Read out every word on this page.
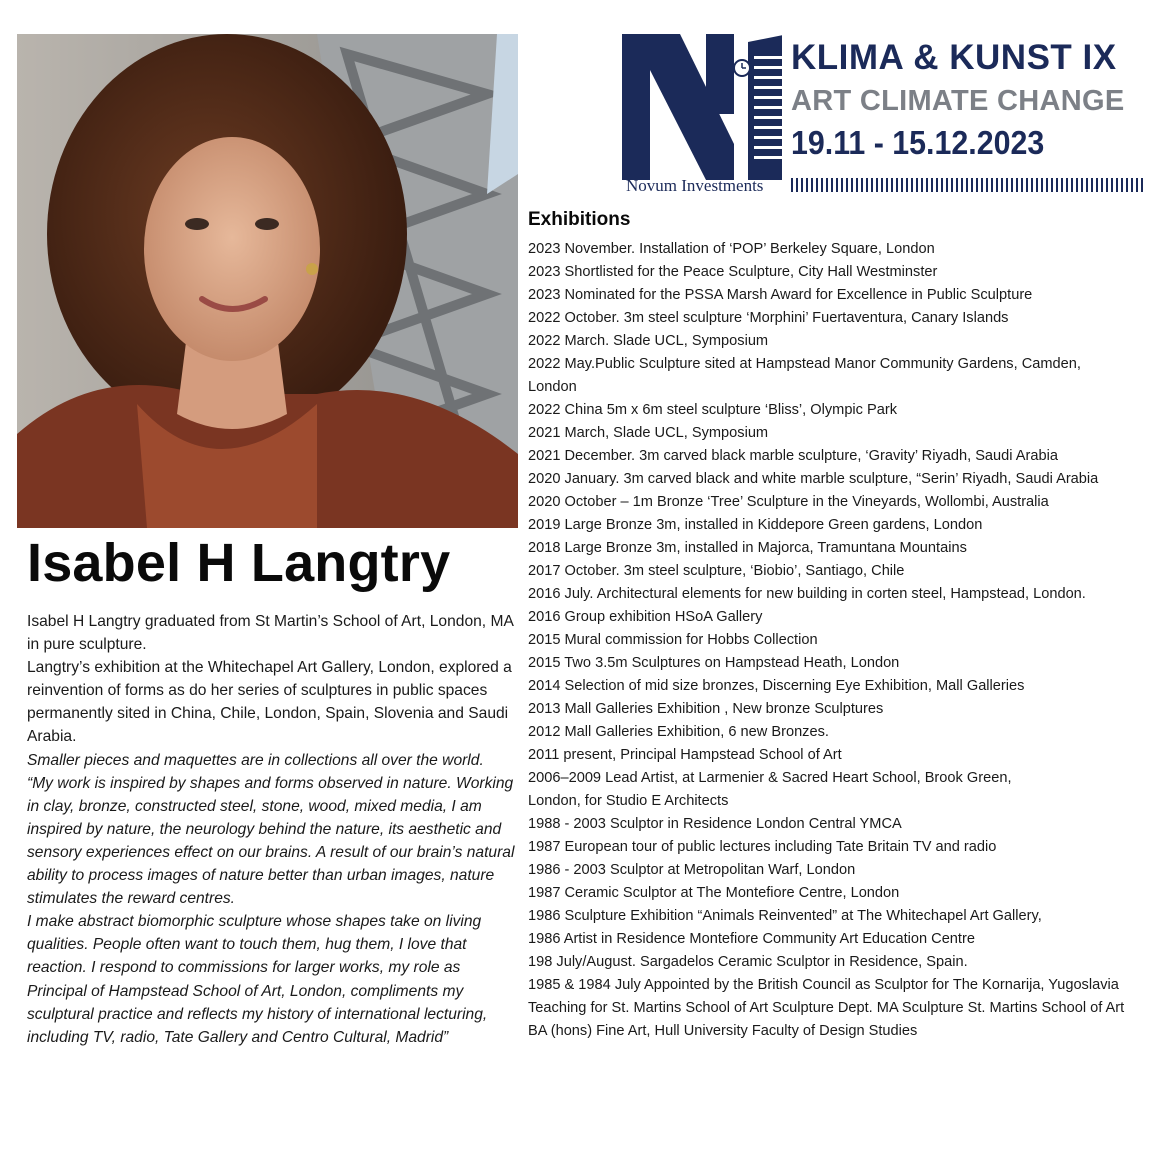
KLIMA & KUNST IX
ART CLIMATE CHANGE
19.11 - 15.12.2023
Novum Investments
Isabel H Langtry

Isabel H Langtry graduated from St Martin’s School of Art, London, MA in pure sculpture.

Langtry’s exhibition at the Whitechapel Art Gallery, London, explored a reinvention of forms as do her series of sculptures in public spaces permanently sited in China, Chile, London, Spain, Slovenia and Saudi Arabia.

Smaller pieces and maquettes are in collections all over the world.

“My work is inspired by shapes and forms observed in nature. Working in clay, bronze, constructed steel, stone, wood, mixed media, I am inspired by nature, the neurology behind the nature, its aesthetic and sensory experiences effect on our brains. A result of our brain’s natural ability to process images of nature better than urban images, nature stimulates the reward centres.

I make abstract biomorphic sculpture whose shapes take on living qualities. People often want to touch them, hug them, I love that reaction. I respond to commissions for larger works, my role as Principal of Hampstead School of Art, London, compliments my sculptural practice and reflects my history of international lecturing, including TV, radio, Tate Gallery and Centro Cultural, Madrid”

Exhibitions
2023 November. Installation of ‘POP’ Berkeley Square, London
2023 Shortlisted for the Peace Sculpture, City Hall Westminster
2023 Nominated for the PSSA Marsh Award for Excellence in Public Sculpture
2022 October. 3m steel sculpture ‘Morphini’ Fuertaventura, Canary Islands
2022 March. Slade UCL, Symposium
2022 May.Public Sculpture sited at Hampstead Manor Community Gardens, Camden, London
2022 China 5m x 6m steel sculpture ‘Bliss’, Olympic Park
2021 March, Slade UCL, Symposium
2021 December. 3m carved black marble sculpture, ‘Gravity’ Riyadh, Saudi Arabia
2020 January. 3m carved black and white marble sculpture, “Serin’ Riyadh, Saudi Arabia
2020 October – 1m Bronze ‘Tree’ Sculpture in the Vineyards, Wollombi, Australia
2019 Large Bronze 3m, installed in Kiddepore Green gardens, London
2018 Large Bronze 3m, installed in Majorca, Tramuntana Mountains
2017 October. 3m steel sculpture, ‘Biobio’, Santiago, Chile
2016 July. Architectural elements for new building in corten steel, Hampstead, London.
2016 Group exhibition HSoA Gallery
2015 Mural commission for Hobbs Collection
2015 Two 3.5m Sculptures on Hampstead Heath, London
2014 Selection of mid size bronzes, Discerning Eye Exhibition, Mall Galleries
2013 Mall Galleries Exhibition , New bronze Sculptures
2012 Mall Galleries Exhibition, 6 new Bronzes.
2011 present, Principal Hampstead School of Art
2006–2009 Lead Artist, at Larmenier & Sacred Heart School, Brook Green,
London, for Studio E Architects
1988 - 2003 Sculptor in Residence London Central YMCA
1987 European tour of public lectures including Tate Britain TV and radio
1986 - 2003 Sculptor at Metropolitan Warf, London
1987 Ceramic Sculptor at The Montefiore Centre, London
1986 Sculpture Exhibition “Animals Reinvented” at The Whitechapel Art Gallery,
1986 Artist in Residence Montefiore Community Art Education Centre
198 July/August. Sargadelos Ceramic Sculptor in Residence, Spain.
1985 & 1984 July Appointed by the British Council as Sculptor for The Kornarija, Yugoslavia
Teaching for St. Martins School of Art Sculpture Dept. MA Sculpture St. Martins School of Art
BA (hons) Fine Art, Hull University Faculty of Design Studies
